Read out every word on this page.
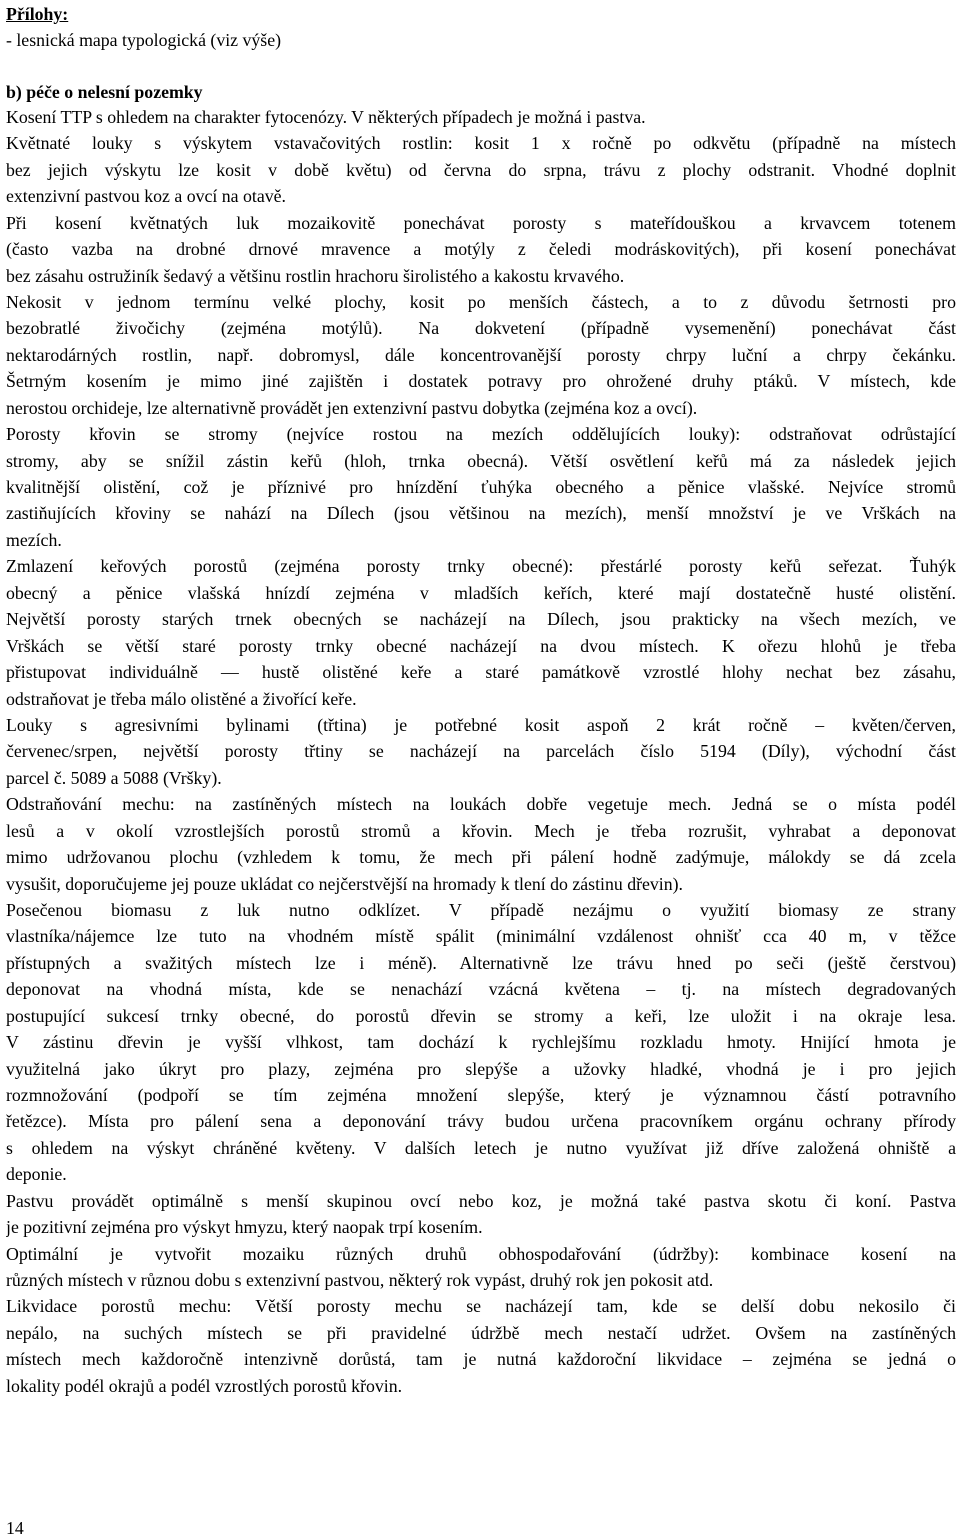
Přílohy:
- lesnická mapa typologická (viz výše)
b) péče o nelesní pozemky
Kosení TTP s ohledem na charakter fytocenózy. V některých případech je možná i pastva.
Květnaté louky s výskytem vstavačovitých rostlin: kosit 1 x ročně po odkvětu (případně na místech
bez jejich výskytu lze kosit v době květu) od června do srpna, trávu z plochy odstranit. Vhodné doplnit
extenzivní pastvou koz a ovcí na otavě.
Při kosení květnatých luk mozaikovitě ponechávat porosty s mateřídouškou a krvavcem totenem
(často vazba na drobné drnové mravence a motýly z čeledi modráskovitých), při kosení ponechávat
bez zásahu ostružiník šedavý a většinu rostlin hrachoru širolistého a kakostu krvavého.
Nekosit v jednom termínu velké plochy, kosit po menších částech, a to z důvodu šetrnosti pro
bezobratlé živočichy (zejména motýlů). Na dokvetení (případně vysemenění) ponechávat část
nektarodárných rostlin, např. dobromysl, dále koncentrovanější porosty chrpy luční a chrpy čekánku.
Šetrným kosením je mimo jiné zajištěn i dostatek potravy pro ohrožené druhy ptáků. V místech, kde
nerostou orchideje, lze alternativně provádět jen extenzivní pastvu dobytka (zejména koz a ovcí).
Porosty křovin se stromy (nejvíce rostou na mezích oddělujících louky): odstraňovat odrůstající
stromy, aby se snížil zástin keřů (hloh, trnka obecná). Větší osvětlení keřů má za následek jejich
kvalitnější olistění, což je příznivé pro hnízdění ťuhýka obecného a pěnice vlašské. Nejvíce stromů
zastiňujících křoviny se nahází na Dílech (jsou většinou na mezích), menší množství je ve Vrškách na
mezích.
Zmlazení keřových porostů (zejména porosty trnky obecné): přestárlé porosty keřů seřezat. Ťuhýk
obecný a pěnice vlašská hnízdí zejména v mladších keřích, které mají dostatečně husté olistění.
Největší porosty starých trnek obecných se nacházejí na Dílech, jsou prakticky na všech mezích, ve
Vrškách se větší staré porosty trnky obecné nacházejí na dvou místech. K ořezu hlohů je třeba
přistupovat individuálně — hustě olistěné keře a staré památkově vzrostlé hlohy nechat bez zásahu,
odstraňovat je třeba málo olistěné a živořící keře.
Louky s agresivními bylinami (třtina) je potřebné kosit aspoň 2 krát ročně – květen/červen,
červenec/srpen, největší porosty třtiny se nacházejí na parcelách číslo 5194 (Díly), východní část
parcel č. 5089 a 5088 (Vršky).
Odstraňování mechu: na zastíněných místech na loukách dobře vegetuje mech. Jedná se o místa podél
lesů a v okolí vzrostlejších porostů stromů a křovin. Mech je třeba rozrušit, vyhrabat a deponovat
mimo udržovanou plochu (vzhledem k tomu, že mech při pálení hodně zadýmuje, málokdy se dá zcela
vysušit, doporučujeme jej pouze ukládat co nejčerstvější na hromady k tlení do zástinu dřevin).
Posečenou biomasu z luk nutno odklízet. V případě nezájmu o využití biomasy ze strany
vlastníka/nájemce lze tuto na vhodném místě spálit (minimální vzdálenost ohnišť cca 40 m, v těžce
přístupných a svažitých místech lze i méně). Alternativně lze trávu hned po seči (ještě čerstvou)
deponovat na vhodná místa, kde se nenachází vzácná květena – tj. na místech degradovaných
postupující sukcesí trnky obecné, do porostů dřevin se stromy a keři, lze uložit i na okraje lesa.
V zástinu dřevin je vyšší vlhkost, tam dochází k rychlejšímu rozkladu hmoty. Hnijící hmota je
využitelná jako úkryt pro plazy, zejména pro slepýše a užovky hladké, vhodná je i pro jejich
rozmnožování (podpoří se tím zejména množení slepýše, který je významnou částí potravního
řetězce). Místa pro pálení sena a deponování trávy budou určena pracovníkem orgánu ochrany přírody
s ohledem na výskyt chráněné květeny. V dalších letech je nutno využívat již dříve založená ohniště a
deponie.
Pastvu provádět optimálně s menší skupinou ovcí nebo koz, je možná také pastva skotu či koní. Pastva
je pozitivní zejména pro výskyt hmyzu, který naopak trpí kosením.
Optimální je vytvořit mozaiku různých druhů obhospodařování (údržby): kombinace kosení na
různých místech v různou dobu s extenzivní pastvou, některý rok vypást, druhý rok jen pokosit atd.
Likvidace porostů mechu: Větší porosty mechu se nacházejí tam, kde se delší dobu nekosilo či
nepálo, na suchých místech se při pravidelné údržbě mech nestačí udržet. Ovšem na zastíněných
místech mech každoročně intenzivně dorůstá, tam je nutná každoroční likvidace – zejména se jedná o
lokality podél okrajů a podél vzrostlých porostů křovin.
14
